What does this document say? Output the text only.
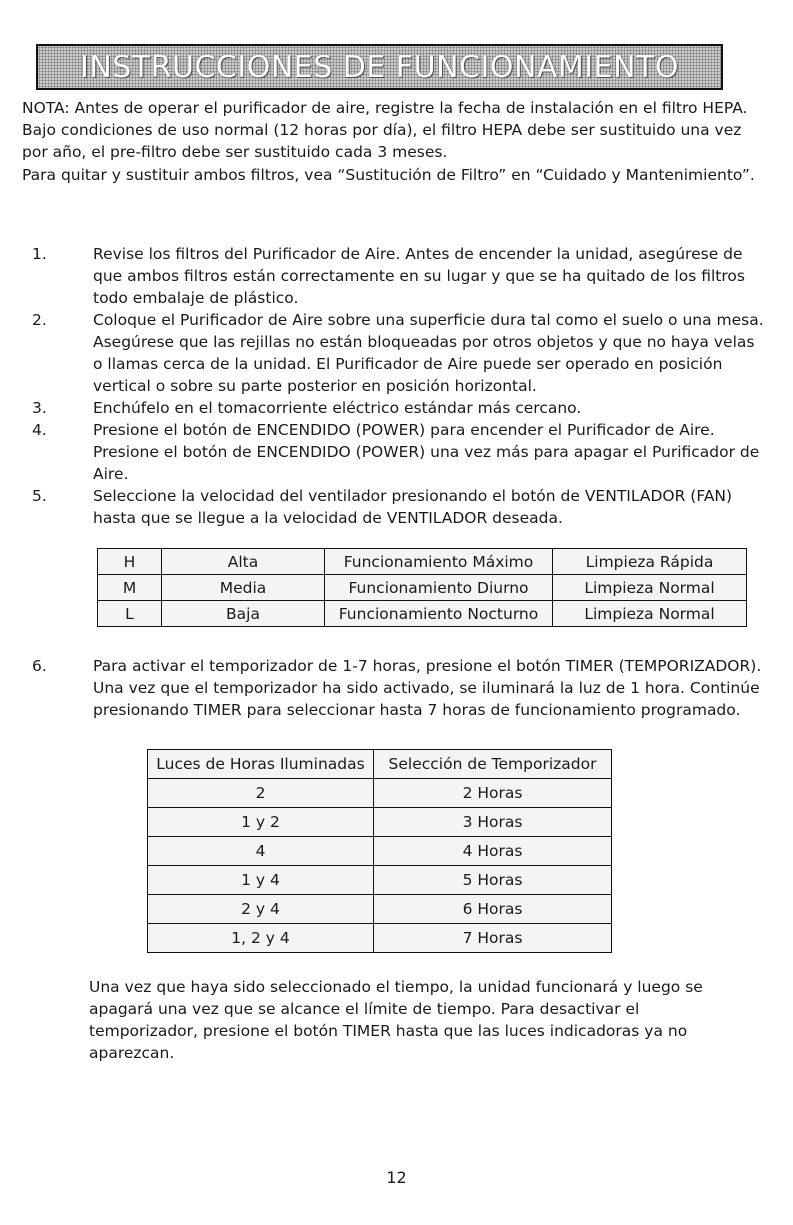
INSTRUCCIONES DE FUNCIONAMIENTO

NOTA: Antes de operar el purificador de aire, registre la fecha de instalación en el filtro HEPA. Bajo condiciones de uso normal (12 horas por día), el filtro HEPA debe ser sustituido una vez por año, el pre-filtro debe ser sustituido cada 3 meses.

Para quitar y sustituir ambos filtros, vea “Sustitución de Filtro” en “Cuidado y Mantenimiento”.

1.	Revise los filtros del Purificador de Aire. Antes de encender la unidad, asegúrese de que ambos filtros están correctamente en su lugar y que se ha quitado de los filtros todo embalaje de plástico.
2.	Coloque el Purificador de Aire sobre una superficie dura tal como el suelo o una mesa. Asegúrese que las rejillas no están bloqueadas por otros objetos y que no haya velas o llamas cerca de la unidad. El Purificador de Aire puede ser operado en posición vertical o sobre su parte posterior en posición horizontal.
3.	Enchúfelo en el tomacorriente eléctrico estándar más cercano.
4.	Presione el botón de ENCENDIDO (POWER) para encender el Purificador de Aire. Presione el botón de ENCENDIDO (POWER) una vez más para apagar el Purificador de Aire.
5.	Seleccione la velocidad del ventilador presionando el botón de VENTILADOR (FAN) hasta que se llegue a la velocidad de VENTILADOR deseada.
H	Alta	Funcionamiento Máximo	Limpieza Rápida
M	Media	Funcionamiento Diurno	Limpieza Normal
L	Baja	Funcionamiento Nocturno	Limpieza Normal
6.	Para activar el temporizador de 1-7 horas, presione el botón TIMER (TEMPORIZADOR). Una vez que el temporizador ha sido activado, se iluminará la luz de 1 hora. Continúe presionando TIMER para seleccionar hasta 7 horas de funcionamiento programado.
Luces de Horas Iluminadas	Selección de Temporizador
2	2 Horas
1 y 2	3 Horas
4	4 Horas
1 y 4	5 Horas
2 y 4	6 Horas
1, 2 y 4	7 Horas

Una vez que haya sido seleccionado el tiempo, la unidad funcionará y luego se apagará una vez que se alcance el límite de tiempo. Para desactivar el temporizador, presione el botón TIMER hasta que las luces indicadoras ya no aparezcan.

12
